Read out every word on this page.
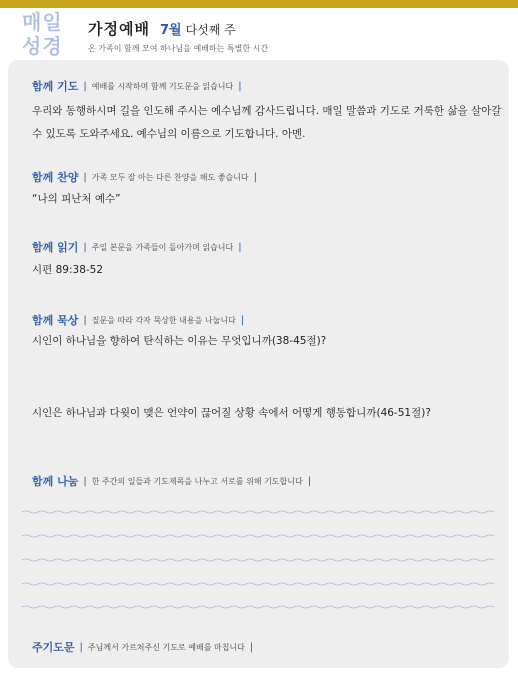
매일
성경
가정예배 7월 다섯째 주
온 가족이 함께 모여 하나님을 예배하는 특별한 시간
함께 기도 | 예배를 시작하며 함께 기도문을 읽습니다 |
우리와 동행하시며 길을 인도해 주시는 예수님께 감사드립니다. 매일 말씀과 기도로 거룩한 삶을 살아갈 수 있도록 도와주세요. 예수님의 이름으로 기도합니다. 아멘.
함께 찬양 | 가족 모두 잘 아는 다른 찬양을 해도 좋습니다 |
“나의 피난처 예수”
함께 읽기 | 주일 본문을 가족들이 돌아가며 읽습니다 |
시편 89:38-52
함께 묵상 | 질문을 따라 각자 묵상한 내용을 나눕니다 |
시인이 하나님을 향하여 탄식하는 이유는 무엇입니까(38-45절)?
시인은 하나님과 다윗이 맺은 언약이 끊어질 상황 속에서 어떻게 행동합니까(46-51절)?
함께 나눔 | 한 주간의 일들과 기도제목을 나누고 서로를 위해 기도합니다 |
주기도문 | 주님께서 가르쳐주신 기도로 예배를 마칩니다 |
